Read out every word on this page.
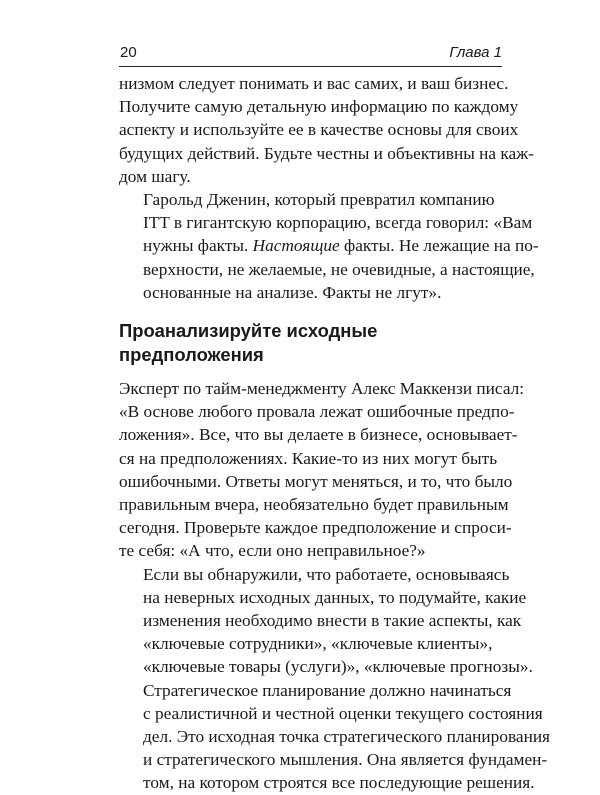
20	Глава 1

низмом следует понимать и вас самих, и ваш бизнес.
Получите самую детальную информацию по каждому
аспекту и используйте ее в качестве основы для своих
будущих действий. Будьте честны и объективны на каж-
дом шагу.

Гарольд Дженин, который превратил компанию
ITT в гигантскую корпорацию, всегда говорил: «Вам
нужны факты. Настоящие факты. Не лежащие на по-
верхности, не желаемые, не очевидные, а настоящие,
основанные на анализе. Факты не лгут».

Проанализируйте исходные предположения

Эксперт по тайм-менеджменту Алекс Маккензи писал:
«В основе любого провала лежат ошибочные предпо-
ложения». Все, что вы делаете в бизнесе, основывает-
ся на предположениях. Какие-то из них могут быть
ошибочными. Ответы могут меняться, и то, что было
правильным вчера, необязательно будет правильным
сегодня. Проверьте каждое предположение и спроси-
те себя: «А что, если оно неправильное?»

Если вы обнаружили, что работаете, основываясь
на неверных исходных данных, то подумайте, какие
изменения необходимо внести в такие аспекты, как
«ключевые сотрудники», «ключевые клиенты»,
«ключевые товары (услуги)», «ключевые прогнозы».

Стратегическое планирование должно начинаться
с реалистичной и честной оценки текущего состояния
дел. Это исходная точка стратегического планирования
и стратегического мышления. Она является фундамен-
том, на котором строятся все последующие решения.
